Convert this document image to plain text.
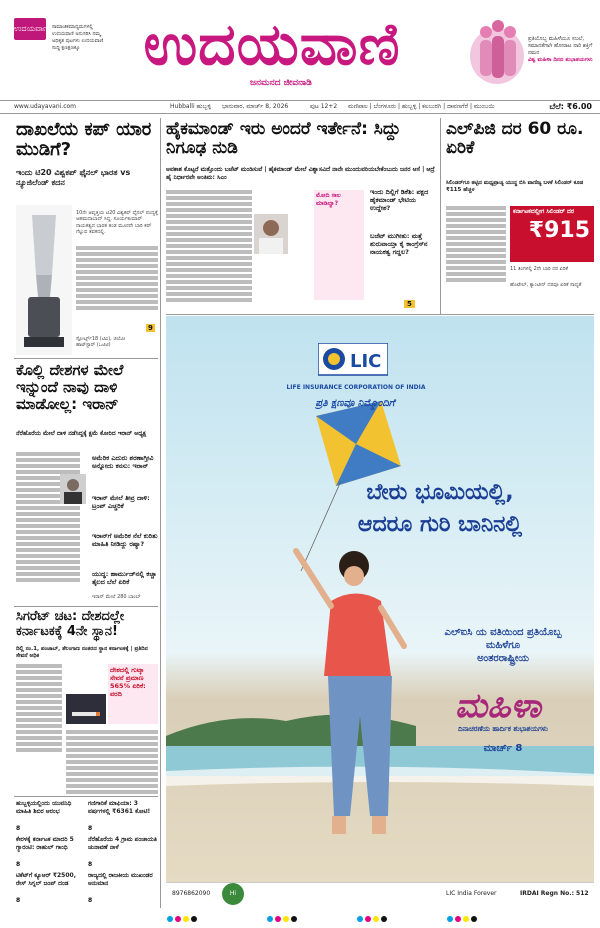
ಉದಯವಾಣಿ ಸಾಮಾಜಿಕಮಾಧ್ಯಮಗಳಲ್ಲಿ ಉದಯವಾಣಿ ಅನುಸರಿಸಿ ನಮ್ಮ ಅಧಿಕೃತ ಪುಟಗಳು ಉದಯವಾಣಿ ಸುದ್ದಿ ಕ್ಷಣಕ್ಷಣಕ್ಕೂ	ಉದಯವಾಣಿ
ಜನಮನದ ಜೀವನಾಡಿ
ಪ್ರತಿಯೊಬ್ಬ ಮಹಿಳೆಯೂ ಸಬಲೆ, ಸಮಾನತೆಗಾಗಿ ಹೋರಾಟ ನಾರಿ ಶಕ್ತಿಗೆ ನಮನ
ವಿಶ್ವ ಮಹಿಳಾ ದಿನದ ಶುಭಾಶಯಗಳು
www.udayavani.com	Hubballi ಹುಬ್ಬಳ್ಳಿ ಭಾನುವಾರ, ಮಾರ್ಚ್ 8, 2026	ಪುಟ 12+2 ಮಣಿಪಾಲ | ಬೆಂಗಳೂರು | ಹುಬ್ಬಳ್ಳಿ | ಕಲಬುರಗಿ | ದಾವಣಗೆರೆ | ಮುಂಬಯಿ	ಬೆಲೆ: ₹6.00
ದಾಖಲೆಯ ಕಪ್ ಯಾರ ಮುಡಿಗೆ?
ಇಂದು ಟಿ20 ವಿಶ್ವಕಪ್ ಫೈನಲ್ ಭಾರತ vs ನ್ಯೂಜಿಲೆಂಡ್ ಕದನ
10ನೇ ಆವೃತ್ತಿಯ ಟಿ20 ವಿಶ್ವಕಪ್ ಫೈನಲ್ ಪಂದ್ಯಕ್ಕೆ ಅಹಮದಾಬಾದ್ ಸಿದ್ಧ. ಸೂರ್ಯಕುಮಾರ್ ನಾಯಕತ್ವದ ಭಾರತ ತಂಡ ಮೂರನೇ ಬಾರಿ ಕಪ್ ಗೆಲ್ಲುವ ತವಕದಲ್ಲಿ.
ಸ್ಪೋರ್ಟ್ಸ್18 (ಟಿವಿ), ಜಿಯೋ ಹಾಟ್‌ಸ್ಟಾರ್ (ಒಟಿಟಿ)
9
ಹೈಕಮಾಂಡ್ ಇರು ಅಂದರೆ ಇರ್ತೇನೆ: ಸಿದ್ದು ನಿಗೂಢ ನುಡಿ
ಅವಕಾಶ ಕೊಟ್ಟರೆ ಮತ್ತೊಂದು ಬಜೆಟ್ ಮಂಡಿಸುವೆ | ಹೈಕಮಾಂಡ್ ಮೇಲೆ ವಿಶ್ವಾಸವಿದೆ ನಾನೇ ಮುಂದುವರಿಯಬೇಕೆಂಬುದು ಜನರ ಆಸೆ | ಆದ್ರೆ ಹೈ ನಿರ್ಧಾರವೇ ಅಂತಿಮ: ಸಿಎಂ
ಮೋದಿ ಸಾಲ ಮಾಡಿಲ್ವಾ?
ಇಂದು ದಿಲ್ಲಿಗೆ ಡಿಕೆಶಿ: ಪಕ್ಷದ ಹೈಕಮಾಂಡ್ ಭೇಟಿಯ ಉದ್ದೇಶ?
ಬಜೆಟ್ ಮುಗೀತು: ಮತ್ತೆ ಶುರುವಾಯ್ತಾ ಕೈ ಕಾಂಗ್ರೆಸ್‌ನ ನಾಯಕತ್ವ ಗದ್ದಲ?
5
ಎಲ್‌ಪಿಜಿ ದರ 60 ರೂ. ಏರಿಕೆ
ಸಿಲಿಂಡರ್‌ಗೂ ತಟ್ಟಿದ ಮಧ್ಯಪ್ರಾಚ್ಯ ಯುದ್ಧ ಬಿಸಿ ವಾಣಿಜ್ಯ ಬಳಕೆ ಸಿಲಿಂಡರ್ ಕೂಡ ₹115 ಹೆಚ್ಚಳ
ಕರ್ನಾಟಕದಲ್ಲೀಗ ಸಿಲಿಂಡರ್ ದರ
₹915
11 ತಿಂಗಳಲ್ಲಿ 2ನೇ ಬಾರಿ ದರ ಏರಿಕೆ
ಹೊಟೇಲ್, ಕ್ಯಾಂಟೀನ್ ದರವೂ ಏರಿಕೆ ಸಾಧ್ಯತೆ
ಕೊಲ್ಲಿ ದೇಶಗಳ ಮೇಲೆ ಇನ್ನುಂದೆ ನಾವು ದಾಳಿ ಮಾಡೋಲ್ಲ: ಇರಾನ್
ನೆರೆಹೊರೆಯ ಮೇಲೆ ದಾಳಿ ನಡೆಸಿದ್ದಕ್ಕೆ ಕ್ಷಮೆ ಕೋರಿದ ಇರಾನ್ ಅಧ್ಯಕ್ಷ
ಅಮೆರಿಕ ಎದುರು ಶರಣಾಗ್ತೀವಿ ಅನ್ನೋದು ಕನಸು: ಇರಾನ್
ಇರಾನ್ ಮೇಲೆ ತೀವ್ರ ದಾಳಿ: ಟ್ರಂಪ್ ಎಚ್ಚರಿಕೆ
ಇರಾನ್‌ಗೆ ಅಮೆರಿಕ ನೆಲೆ ಕುರಿತು ಮಾಹಿತಿ ನೀಡಿದ್ದು ರಷ್ಯಾ?
ಯುದ್ಧ: ಹಾರ್ಮುಜ್‌ನಲ್ಲಿ ಕಚ್ಚಾ ತೈಲದ ಬೆಲೆ ಏರಿಕೆ
ಇರಾನ್ ಮೇಲೆ 280 ಬಾಂಬ್
ಸಿಗರೆಟ್ ಚಟ: ದೇಶದಲ್ಲೇ ಕರ್ನಾಟಕಕ್ಕೆ 4ನೇ ಸ್ಥಾನ!
ದಿಲ್ಲಿ ನಂ.1, ಪಂಜಾಬ್, ತೆಲಂಗಾಣ ನಂತರದ ಸ್ಥಾನ ಕರ್ನಾಟಕಕ್ಕೆ | ಪ್ರತಿದಿನ ಸೇವನೆ ಅಧಿಕ
ದೇಶದಲ್ಲಿ ಗುಟ್ಕಾ ಸೇವನೆ ಪ್ರಮಾಣ 565% ಏರಿಕೆ: ವರದಿ
ಹುಬ್ಬಳ್ಳಿಯಲ್ಲಿಂದು ಯುವನಿಧಿ ಮಾಹಿತಿ ಶಿಬಿರ ಆರಂಭ
8
ಗಣಿಗಾರಿಕೆ ಮಾಫಿಯಾ: 3 ವರ್ಷಗಳಲ್ಲಿ ₹6361 ಕೋಟಿ!
8
ಕೇರಳಕ್ಕೆ ಕರ್ನಾಟಕ ಮಾದರಿ 5 ಗ್ಯಾರಂಟಿ: ರಾಹುಲ್ ಗಾಂಧಿ
8
ನೆರೆಹೊರೆಯ 4 ಗ್ರಾಮ ಪಂಚಾಯತಿ ಚುನಾವಣೆ ನಾಳೆ
8
ಟಿಕೆಟ್‌ಗೆ ಕ್ಯೂಆರ್ ₹2500, ರೇಸ್ ಸಿಗ್ನಲ್ ಜಂಪ್ ದಂಡ
8
ರಾಜ್ಯದಲ್ಲಿ ರಾಜಕೀಯ ಮುಖಂಡರ ಅನುಮಾನ
8
LIC
LIFE INSURANCE CORPORATION OF INDIA
ಪ್ರತಿ ಕ್ಷಣವೂ ನಿಮ್ಮೊಂದಿಗೆ
ಬೇರು ಭೂಮಿಯಲ್ಲಿ,
ಆದರೂ ಗುರಿ ಬಾನಿನಲ್ಲಿ
ಎಲ್‌ಐಸಿ ಯ ವತಿಯಿಂದ ಪ್ರತಿಯೊಬ್ಬ ಮಹಿಳೆಗೂ
ಅಂತರರಾಷ್ಟ್ರೀಯ
ಮಹಿಳಾ
ದಿನಾಚರಣೆಯ ಹಾರ್ದಿಕ ಶುಭಾಶಯಗಳು
ಮಾರ್ಚ್ 8
8976862090	Hi	LIC India Forever	IRDAI Regn No.: 512
